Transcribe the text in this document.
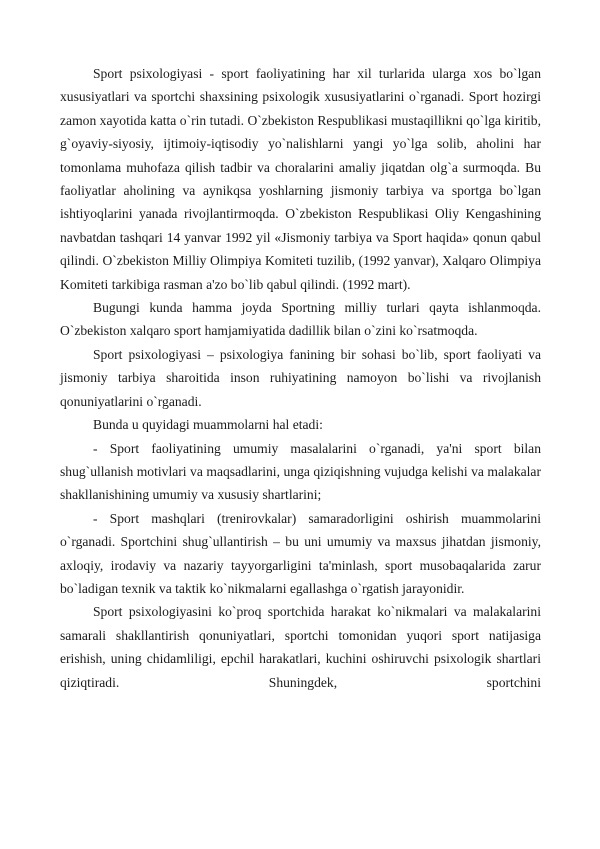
Sport psixologiyasi - sport faoliyatining har xil turlarida ularga xos bo`lgan xususiyatlari va sportchi shaxsining psixologik xususiyatlarini o`rganadi. Sport hozirgi zamon xayotida katta o`rin tutadi. O`zbekiston Respublikasi mustaqillikni qo`lga kiritib, g`oyaviy-siyosiy, ijtimoiy-iqtisodiy yo`nalishlarni yangi yo`lga solib, aholini har tomonlama muhofaza qilish tadbir va choralarini amaliy jiqatdan olg`a surmoqda. Bu faoliyatlar aholining va aynikqsa yoshlarning jismoniy tarbiya va sportga bo`lgan ishtiyoqlarini yanada rivojlantirmoqda. O`zbekiston Respublikasi Oliy Kengashining navbatdan tashqari 14 yanvar 1992 yil «Jismoniy tarbiya va Sport haqida» qonun qabul qilindi. O`zbekiston Milliy Olimpiya Komiteti tuzilib, (1992 yanvar), Xalqaro Olimpiya Komiteti tarkibiga rasman a'zo bo`lib qabul qilindi. (1992 mart).

Bugungi kunda hamma joyda Sportning milliy turlari qayta ishlanmoqda. O`zbekiston xalqaro sport hamjamiyatida dadillik bilan o`zini ko`rsatmoqda.

Sport psixologiyasi – psixologiya fanining bir sohasi bo`lib, sport faoliyati va jismoniy tarbiya sharoitida inson ruhiyatining namoyon bo`lishi va rivojlanish qonuniyatlarini o`rganadi.

Bunda u quyidagi muammolarni hal etadi:

- Sport faoliyatining umumiy masalalarini o`rganadi, ya'ni sport bilan shug`ullanish motivlari va maqsadlarini, unga qiziqishning vujudga kelishi va malakalar shakllanishining umumiy va xususiy shartlarini;

- Sport mashqlari (trenirovkalar) samaradorligini oshirish muammolarini o`rganadi. Sportchini shug`ullantirish – bu uni umumiy va maxsus jihatdan jismoniy, axloqiy, irodaviy va nazariy tayyorgarligini ta'minlash, sport musobaqalarida zarur bo`ladigan texnik va taktik ko`nikmalarni egallashga o`rgatish jarayonidir.

Sport psixologiyasini ko`proq sportchida harakat ko`nikmalari va malakalarini samarali shakllantirish qonuniyatlari, sportchi tomonidan yuqori sport natijasiga erishish, uning chidamliligi, epchil harakatlari, kuchini oshiruvchi psixologik shartlari qiziqtiradi. Shuningdek, sportchini
